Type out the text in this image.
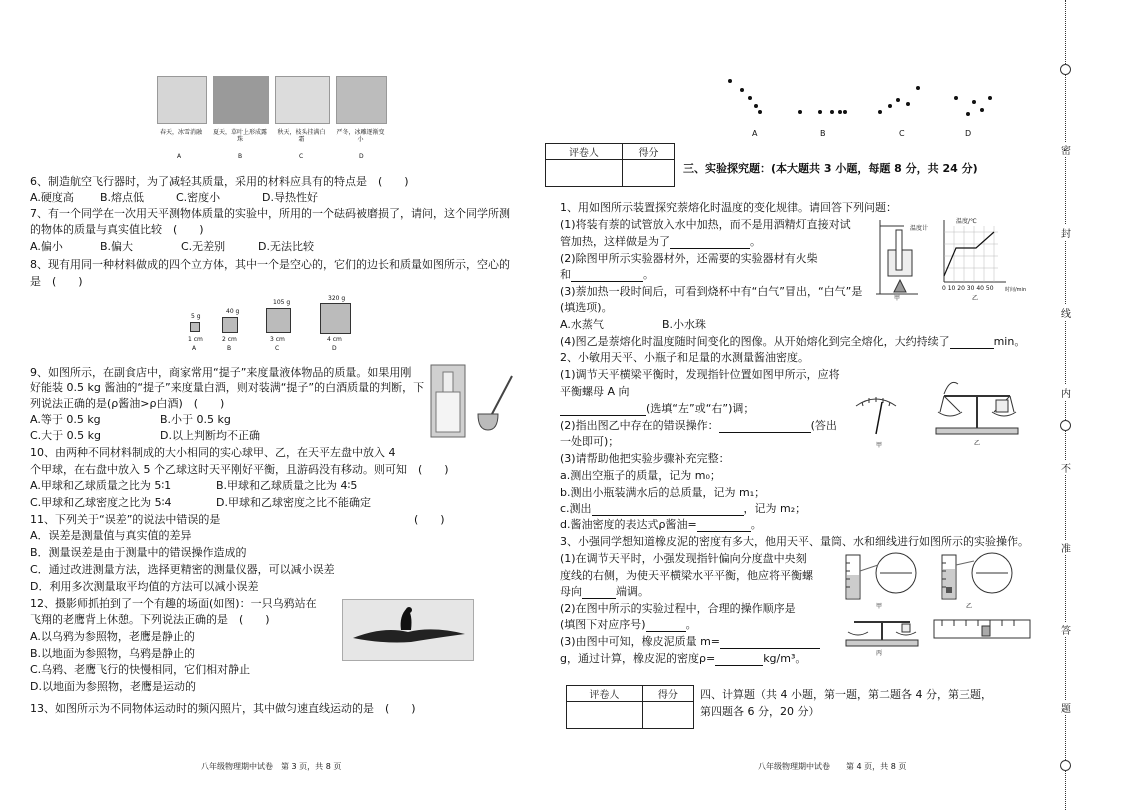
春天，冰雪消融	夏天，草叶上形成露珠
秋天，枝头挂满白霜
严冬，冰雕逐渐变小
A	B	C	D
6、制造航空飞行器时，为了减轻其质量，采用的材料应具有的特点是　(　　)
A.硬度高 B.熔点低	C.密度小	D.导热性好
7、有一个同学在一次用天平测物体质量的实验中，所用的一个砝码被磨损了，请问，这个同学所测
的物体的质量与真实值比较　(　　)
A.偏小	B.偏大	C.无差别	D.无法比较
8、现有用同一种材料做成的四个立方体，其中一个是空心的，它们的边长和质量如图所示，空心的
是　(　　)
5 g
1 cm
A
40 g
2 cm
B
105 g
3 cm
C
320 g
4 cm
D
9、如图所示，在副食店中，商家常用“提子”来度量液体物品的质量。如果用刚
好能装 0.5 kg 酱油的“提子”来度量白酒，则对装满“提子”的白酒质量的判断，下
列说法正确的是(ρ酱油>ρ白酒)　(　　)
A.等于 0.5 kg	B.小于 0.5 kg
C.大于 0.5 kg	D.以上判断均不正确
10、由两种不同材料制成的大小相同的实心球甲、乙，在天平左盘中放入 4
个甲球，在右盘中放入 5 个乙球这时天平刚好平衡，且游码没有移动。则可知　(　　)
A.甲球和乙球质量之比为 5∶1	B.甲球和乙球质量之比为 4∶5
C.甲球和乙球密度之比为 5∶4	D.甲球和乙球密度之比不能确定
11、下列关于“误差”的说法中错误的是	(　　)
A．误差是测量值与真实值的差异
B．测量误差是由于测量中的错误操作造成的
C．通过改进测量方法，选择更精密的测量仪器，可以减小误差
D．利用多次测量取平均值的方法可以减小误差
12、摄影师抓拍到了一个有趣的场面(如图)：一只乌鸦站在
飞翔的老鹰背上休憩。下列说法正确的是　(　　)
A.以乌鸦为参照物，老鹰是静止的
B.以地面为参照物，乌鸦是静止的
C.乌鸦、老鹰飞行的快慢相同，它们相对静止
D.以地面为参照物，老鹰是运动的
13、如图所示为不同物体运动时的频闪照片，其中做匀速直线运动的是　(　　)
八年级物理期中试卷　第 3 页，共 8 页
A	B	C	D
评卷人	得分

三、实验探究题：(本大题共 3 小题，每题 8 分，共 24 分)
1、用如图所示装置探究萘熔化时温度的变化规律。请回答下列问题：
(1)将装有萘的试管放入水中加热，而不是用酒精灯直接对试
管加热，这样做是为了	。
(2)除图甲所示实验器材外，还需要的实验器材有火柴
和	。
(3)萘加热一段时间后，可看到烧杯中有“白气”冒出，“白气”是
(填选项)。
A.水蒸气	B.小水珠
(4)图乙是萘熔化时温度随时间变化的图像。从开始熔化到完全熔化，大约持续了	min。
温度计
甲
温度/℃
0 10 20 30 40 50 时间/min
乙
2、小敏用天平、小瓶子和足量的水测量酱油密度。
(1)调节天平横梁平衡时，发现指针位置如图甲所示，应将
平衡螺母 A 向
(选填“左”或“右”)调；
(2)指出图乙中存在的错误操作：	(答出
一处即可)；
(3)请帮助他把实验步骤补充完整：
a.测出空瓶子的质量，记为 m₀；
b.测出小瓶装满水后的总质量，记为 m₁；
c.测出	，记为 m₂；
d.酱油密度的表达式ρ酱油=	。
甲	乙
3、小强同学想知道橡皮泥的密度有多大，他用天平、量筒、水和细线进行如图所示的实验操作。
(1)在调节天平时，小强发现指针偏向分度盘中央刻
度线的右侧，为使天平横梁水平平衡，他应将平衡螺
母向	端调。
(2)在图中所示的实验过程中，合理的操作顺序是
(填图下对应序号)	。
(3)由图中可知，橡皮泥质量 m=
g，通过计算，橡皮泥的密度ρ=	kg/m³。
甲	乙
丙
评卷人	得分
	四、计算题（共 4 小题，第一题，第二题各 4 分，第三题，
第四题各 6 分，20 分）
八年级物理期中试卷　　第 4 页，共 8 页
密
封
线
内
不
准
答
题
